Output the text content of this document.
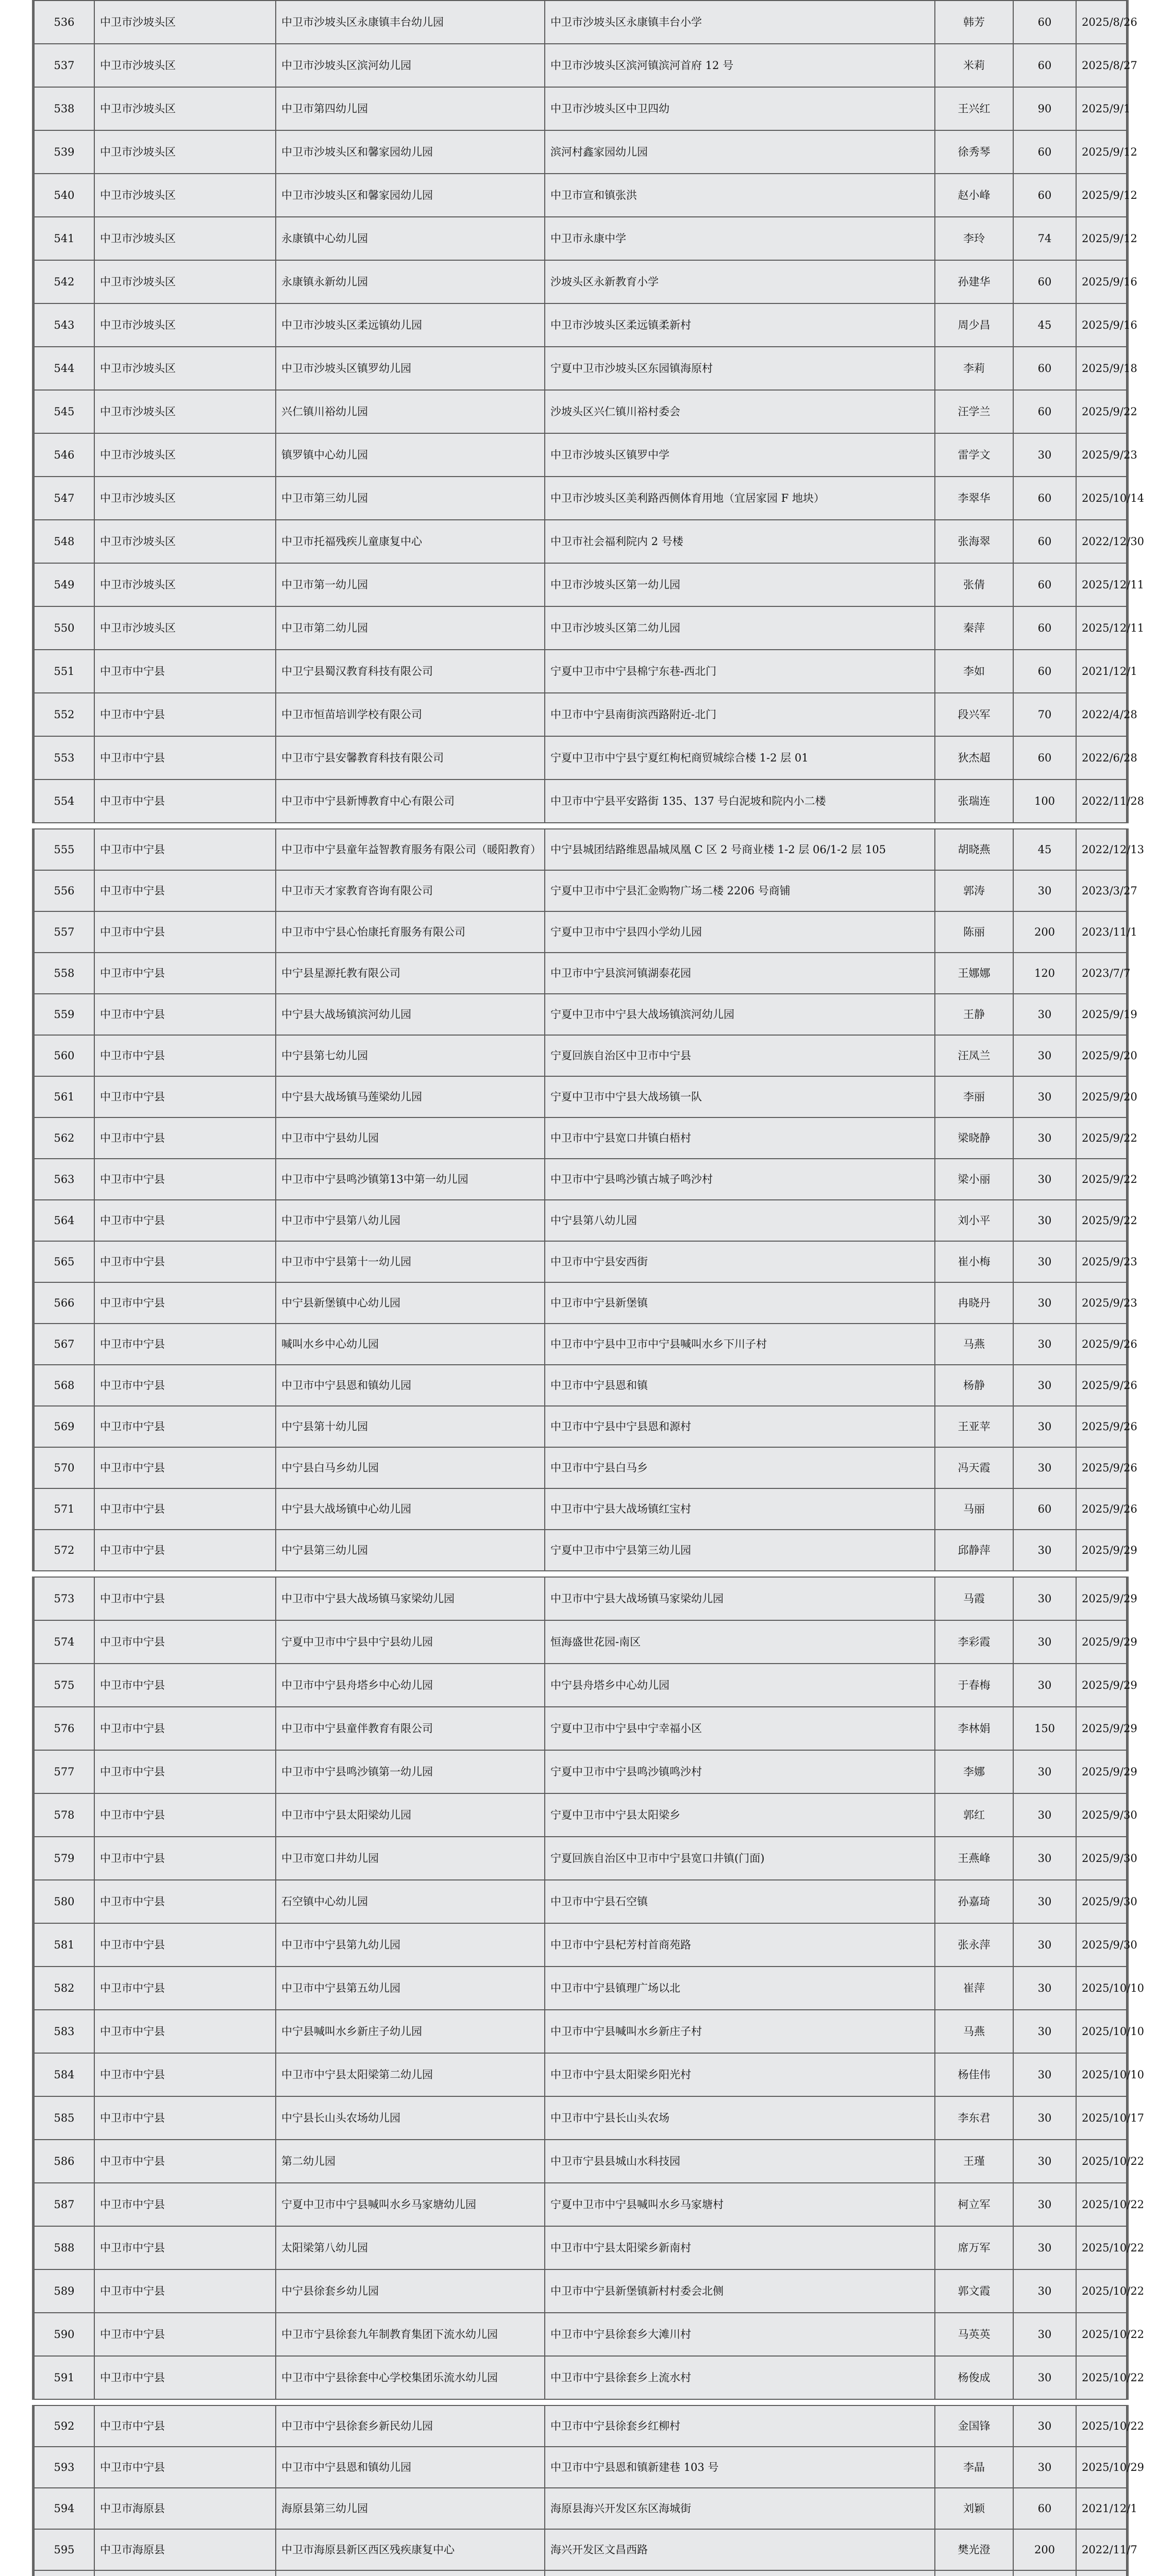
536	中卫市沙坡头区	中卫市沙坡头区永康镇丰台幼儿园	中卫市沙坡头区永康镇丰台小学	韩芳	60	2025/8/26
537	中卫市沙坡头区	中卫市沙坡头区滨河幼儿园	中卫市沙坡头区滨河镇滨河首府 12 号	米莉	60	2025/8/27
538	中卫市沙坡头区	中卫市第四幼儿园	中卫市沙坡头区中卫四幼	王兴红	90	2025/9/1
539	中卫市沙坡头区	中卫市沙坡头区和馨家园幼儿园	滨河村鑫家园幼儿园	徐秀琴	60	2025/9/12
540	中卫市沙坡头区	中卫市沙坡头区和馨家园幼儿园	中卫市宣和镇张洪	赵小峰	60	2025/9/12
541	中卫市沙坡头区	永康镇中心幼儿园	中卫市永康中学	李玲	74	2025/9/12
542	中卫市沙坡头区	永康镇永新幼儿园	沙坡头区永新教育小学	孙建华	60	2025/9/16
543	中卫市沙坡头区	中卫市沙坡头区柔远镇幼儿园	中卫市沙坡头区柔远镇柔新村	周少昌	45	2025/9/16
544	中卫市沙坡头区	中卫市沙坡头区镇罗幼儿园	宁夏中卫市沙坡头区东园镇海原村	李莉	60	2025/9/18
545	中卫市沙坡头区	兴仁镇川裕幼儿园	沙坡头区兴仁镇川裕村委会	汪学兰	60	2025/9/22
546	中卫市沙坡头区	镇罗镇中心幼儿园	中卫市沙坡头区镇罗中学	雷学文	30	2025/9/23
547	中卫市沙坡头区	中卫市第三幼儿园	中卫市沙坡头区美利路西侧体育用地（宜居家园 F 地块）	李翠华	60	2025/10/14
548	中卫市沙坡头区	中卫市托福残疾儿童康复中心	中卫市社会福利院内 2 号楼	张海翠	60	2022/12/30
549	中卫市沙坡头区	中卫市第一幼儿园	中卫市沙坡头区第一幼儿园	张倩	60	2025/12/11
550	中卫市沙坡头区	中卫市第二幼儿园	中卫市沙坡头区第二幼儿园	秦萍	60	2025/12/11
551	中卫市中宁县	中卫宁县蜀汉教育科技有限公司	宁夏中卫市中宁县棉宁东巷-西北门	李如	60	2021/12/1
552	中卫市中宁县	中卫市恒苗培训学校有限公司	中卫市中宁县南街滨西路附近-北门	段兴军	70	2022/4/28
553	中卫市中宁县	中卫市宁县安馨教育科技有限公司	宁夏中卫市中宁县宁夏红枸杞商贸城综合楼 1-2 层 01	狄杰超	60	2022/6/28
554	中卫市中宁县	中卫市中宁县新博教育中心有限公司	中卫市中宁县平安路街 135、137 号白泥坡和院内小二楼	张瑞连	100	2022/11/28
555	中卫市中宁县	中卫市中宁县童年益智教育服务有限公司（暖阳教育）	中宁县城团结路维恩晶城凤凰 C 区 2 号商业楼 1-2 层 06/1-2 层 105	胡晓燕	45	2022/12/13
556	中卫市中宁县	中卫市天才家教育咨询有限公司	宁夏中卫市中宁县汇金购物广场二楼 2206 号商铺	郭涛	30	2023/3/27
557	中卫市中宁县	中卫市中宁县心怡康托育服务有限公司	宁夏中卫市中宁县四小学幼儿园	陈丽	200	2023/11/1
558	中卫市中宁县	中宁县星源托教有限公司	中卫市中宁县滨河镇湖泰花园	王娜娜	120	2023/7/7
559	中卫市中宁县	中宁县大战场镇滨河幼儿园	宁夏中卫市中宁县大战场镇滨河幼儿园	王静	30	2025/9/19
560	中卫市中宁县	中宁县第七幼儿园	宁夏回族自治区中卫市中宁县	汪凤兰	30	2025/9/20
561	中卫市中宁县	中宁县大战场镇马莲梁幼儿园	宁夏中卫市中宁县大战场镇一队	李丽	30	2025/9/20
562	中卫市中宁县	中卫市中宁县幼儿园	中卫市中宁县宽口井镇白梧村	梁晓静	30	2025/9/22
563	中卫市中宁县	中卫市中宁县鸣沙镇第13中第一幼儿园	中卫市中宁县鸣沙镇古城子鸣沙村	梁小丽	30	2025/9/22
564	中卫市中宁县	中卫市中宁县第八幼儿园	中宁县第八幼儿园	刘小平	30	2025/9/22
565	中卫市中宁县	中卫市中宁县第十一幼儿园	中卫市中宁县安西街	崔小梅	30	2025/9/23
566	中卫市中宁县	中宁县新堡镇中心幼儿园	中卫市中宁县新堡镇	冉晓丹	30	2025/9/23
567	中卫市中宁县	喊叫水乡中心幼儿园	中卫市中宁县中卫市中宁县喊叫水乡下川子村	马燕	30	2025/9/26
568	中卫市中宁县	中卫市中宁县恩和镇幼儿园	中卫市中宁县恩和镇	杨静	30	2025/9/26
569	中卫市中宁县	中宁县第十幼儿园	中卫市中宁县中宁县恩和源村	王亚苹	30	2025/9/26
570	中卫市中宁县	中宁县白马乡幼儿园	中卫市中宁县白马乡	冯天霞	30	2025/9/26
571	中卫市中宁县	中宁县大战场镇中心幼儿园	中卫市中宁县大战场镇红宝村	马丽	60	2025/9/26
572	中卫市中宁县	中宁县第三幼儿园	宁夏中卫市中宁县第三幼儿园	邱静萍	30	2025/9/29
573	中卫市中宁县	中卫市中宁县大战场镇马家梁幼儿园	中卫市中宁县大战场镇马家梁幼儿园	马霞	30	2025/9/29
574	中卫市中宁县	宁夏中卫市中宁县中宁县幼儿园	恒海盛世花园-南区	李彩霞	30	2025/9/29
575	中卫市中宁县	中卫市中宁县舟塔乡中心幼儿园	中宁县舟塔乡中心幼儿园	于春梅	30	2025/9/29
576	中卫市中宁县	中卫市中宁县童伴教育有限公司	宁夏中卫市中宁县中宁幸福小区	李林娟	150	2025/9/29
577	中卫市中宁县	中卫市中宁县鸣沙镇第一幼儿园	宁夏中卫市中宁县鸣沙镇鸣沙村	李娜	30	2025/9/29
578	中卫市中宁县	中卫市中宁县太阳梁幼儿园	宁夏中卫市中宁县太阳梁乡	郭红	30	2025/9/30
579	中卫市中宁县	中卫市宽口井幼儿园	宁夏回族自治区中卫市中宁县宽口井镇(门面)	王燕峰	30	2025/9/30
580	中卫市中宁县	石空镇中心幼儿园	中卫市中宁县石空镇	孙嘉琦	30	2025/9/30
581	中卫市中宁县	中卫市中宁县第九幼儿园	中卫市中宁县杞芳村首商苑路	张永萍	30	2025/9/30
582	中卫市中宁县	中卫市中宁县第五幼儿园	中卫市中宁县镇理广场以北	崔萍	30	2025/10/10
583	中卫市中宁县	中宁县喊叫水乡新庄子幼儿园	中卫市中宁县喊叫水乡新庄子村	马燕	30	2025/10/10
584	中卫市中宁县	中卫市中宁县太阳梁第二幼儿园	中卫市中宁县太阳梁乡阳光村	杨佳伟	30	2025/10/10
585	中卫市中宁县	中宁县长山头农场幼儿园	中卫市中宁县长山头农场	李东君	30	2025/10/17
586	中卫市中宁县	第二幼儿园	中卫市宁县县城山水科技园	王瑾	30	2025/10/22
587	中卫市中宁县	宁夏中卫市中宁县喊叫水乡马家塘幼儿园	宁夏中卫市中宁县喊叫水乡马家塘村	柯立军	30	2025/10/22
588	中卫市中宁县	太阳梁第八幼儿园	中卫市中宁县太阳梁乡新南村	席万军	30	2025/10/22
589	中卫市中宁县	中宁县徐套乡幼儿园	中卫市中宁县新堡镇新村村委会北侧	郭文霞	30	2025/10/22
590	中卫市中宁县	中卫市宁县徐套九年制教育集团下流水幼儿园	中卫市中宁县徐套乡大滩川村	马英英	30	2025/10/22
591	中卫市中宁县	中卫市中宁县徐套中心学校集团乐流水幼儿园	中卫市中宁县徐套乡上流水村	杨俊成	30	2025/10/22
592	中卫市中宁县	中卫市中宁县徐套乡新民幼儿园	中卫市中宁县徐套乡红柳村	金国锋	30	2025/10/22
593	中卫市中宁县	中卫市中宁县恩和镇幼儿园	中卫市中宁县恩和镇新建巷 103 号	李晶	30	2025/10/29
594	中卫市海原县	海原县第三幼儿园	海原县海兴开发区东区海城街	刘颖	60	2021/12/1
595	中卫市海原县	中卫市海原县新区西区残疾康复中心	海兴开发区文昌西路	樊光澄	200	2022/11/7
